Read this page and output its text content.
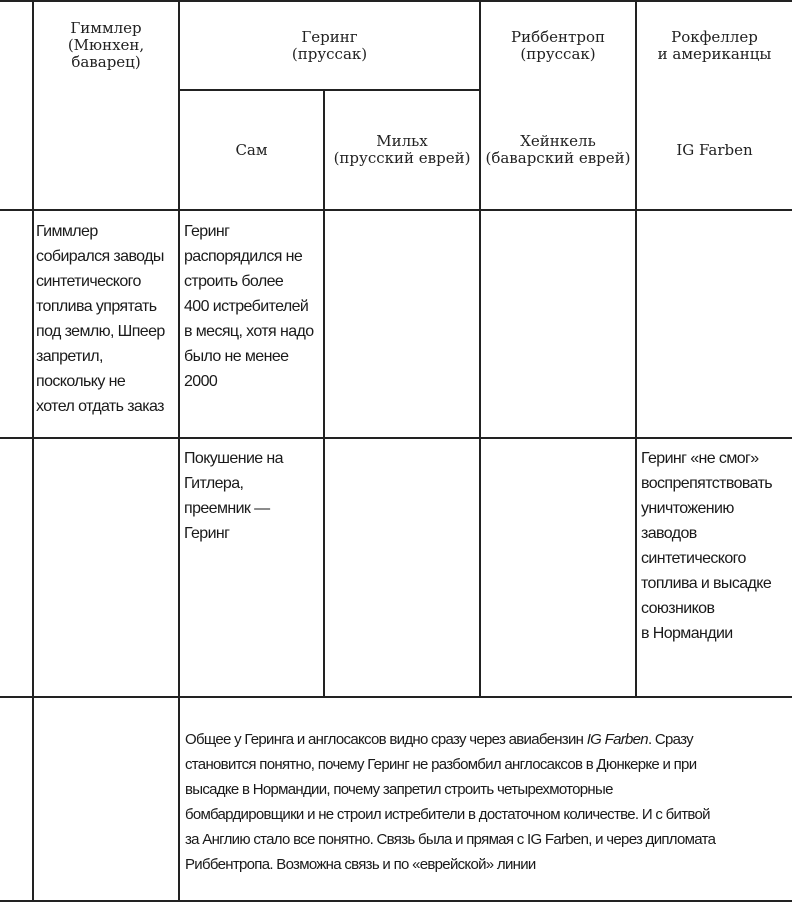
Гиммлер
(Мюнхен,
баварец)
Геринг
(пруссак)
Риббентроп
(пруссак)
Рокфеллер
и американцы
Сам	Мильх
(прусский еврей)
Хейнкель
(баварский еврей)	IG Farben
Гиммлер
собирался заводы
синтетического
топлива упрятать
под землю, Шпеер
запретил,
поскольку не
хотел отдать заказ
Геринг
распорядился не
строить более
400 истребителей
в месяц, хотя надо
было не менее
2000
Покушение на
Гитлера,
преемник —
Геринг
Геринг «не смог»
воспрепятствовать
уничтожению
заводов
синтетического
топлива и высадке
союзников
в Нормандии
Общее у Геринга и англосаксов видно сразу через авиабензин IG Farben. Сразу
становится понятно, почему Геринг не разбомбил англосаксов в Дюнкерке и при
высадке в Нормандии, почему запретил строить четырехмоторные
бомбардировщики и не строил истребители в достаточном количестве. И с битвой
за Англию стало все понятно. Связь была и прямая с IG Farben, и через дипломата
Риббентропа. Возможна связь и по «еврейской» линии
